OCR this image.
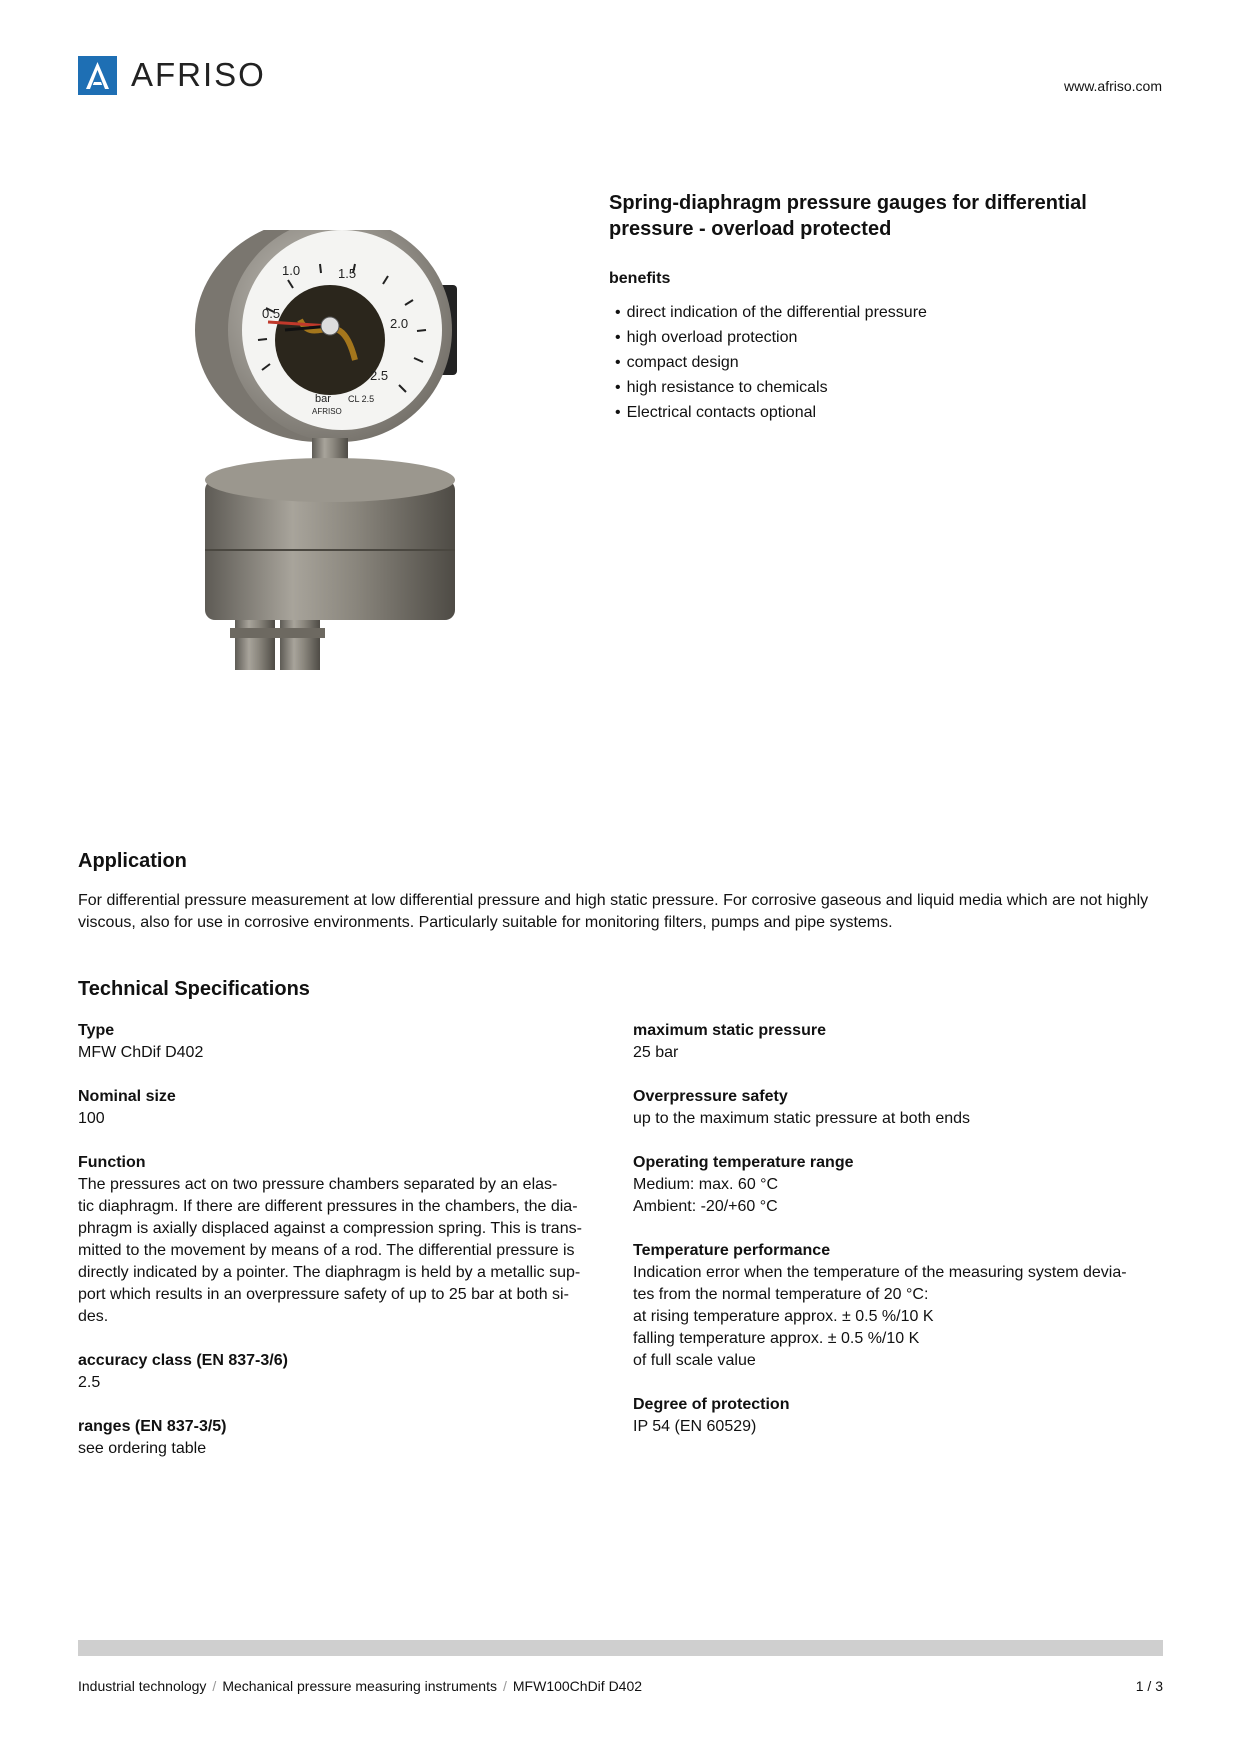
AFRISO	www.afriso.com
0.5
1.0	1.5
2.0
2.5
bar CL 2.5
AFRISO
Spring-diaphragm pressure gauges for differential pressure - overload protected
benefits
• direct indication of the differential pressure
• high overload protection
• compact design
• high resistance to chemicals
• Electrical contacts optional
Application

For differential pressure measurement at low differential pressure and high static pressure. For corrosive gaseous and liquid media which are not highly viscous, also for use in corrosive environments. Particularly suitable for monitoring filters, pumps and pipe systems.

Technical Specifications
Type
MFW ChDif D402
Nominal size
100
Function
The pressures act on two pressure chambers separated by an elas-
tic diaphragm. If there are different pressures in the chambers, the dia-
phragm is axially displaced against a compression spring. This is trans-
mitted to the movement by means of a rod. The differential pressure is
directly indicated by a pointer. The diaphragm is held by a metallic sup-
port which results in an overpressure safety of up to 25 bar at both si-
des.
accuracy class (EN 837-3/6)
2.5
ranges (EN 837-3/5)
see ordering table
maximum static pressure
25 bar
Overpressure safety
up to the maximum static pressure at both ends
Operating temperature range
Medium: max. 60 °C
Ambient: -20/+60 °C
Temperature performance
Indication error when the temperature of the measuring system devia-
tes from the normal temperature of 20 °C:
at rising temperature approx. ± 0.5 %/10 K
falling temperature approx. ± 0.5 %/10 K
of full scale value
Degree of protection
IP 54 (EN 60529)
Industrial technology / Mechanical pressure measuring instruments / MFW100ChDif D402	1 / 3
